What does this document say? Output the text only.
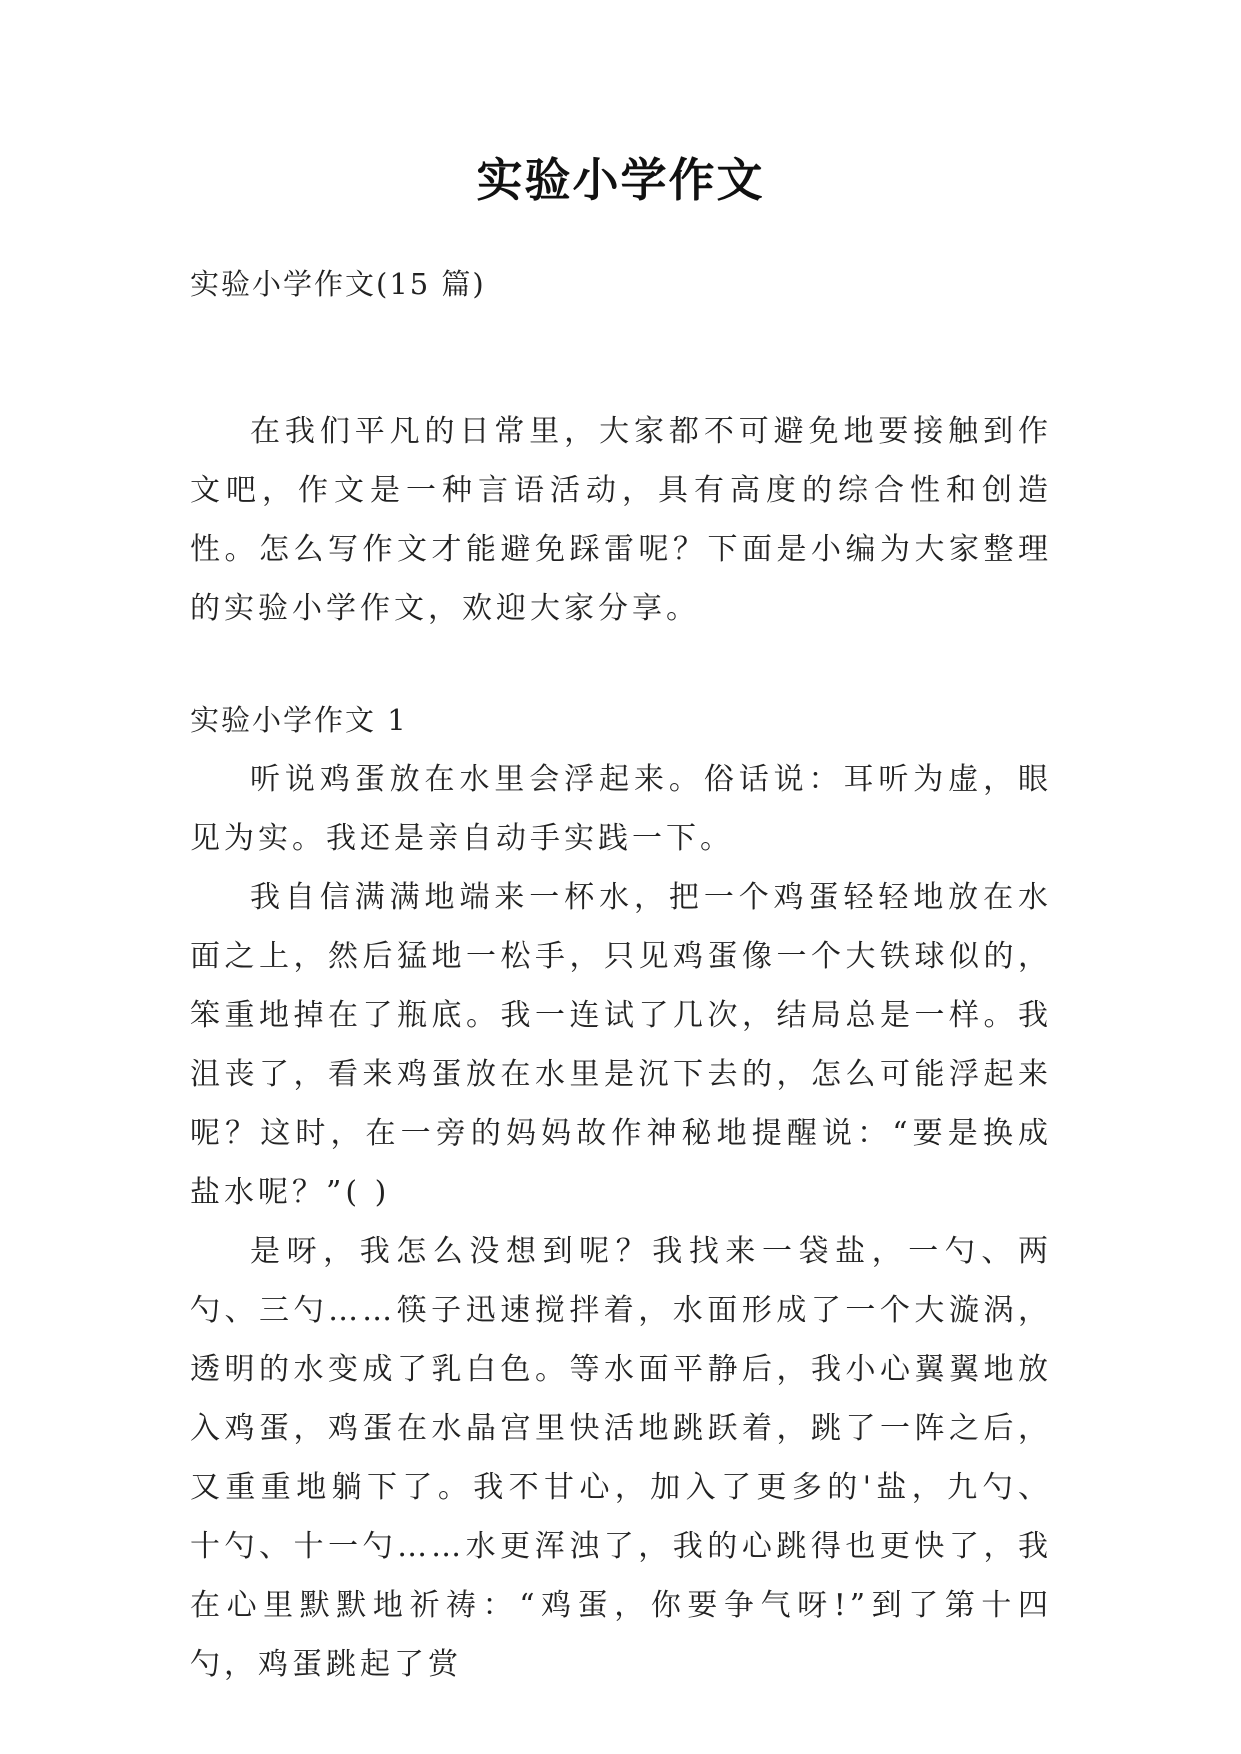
实验小学作文
实验小学作文(15 篇)

在我们平凡的日常里，大家都不可避免地要接触到作文吧，作文是一种言语活动，具有高度的综合性和创造性。怎么写作文才能避免踩雷呢？下面是小编为大家整理的实验小学作文，欢迎大家分享。

实验小学作文 1

听说鸡蛋放在水里会浮起来。俗话说：耳听为虚，眼见为实。我还是亲自动手实践一下。

我自信满满地端来一杯水，把一个鸡蛋轻轻地放在水面之上，然后猛地一松手，只见鸡蛋像一个大铁球似的，笨重地掉在了瓶底。我一连试了几次，结局总是一样。我沮丧了，看来鸡蛋放在水里是沉下去的，怎么可能浮起来呢？这时，在一旁的妈妈故作神秘地提醒说：“要是换成盐水呢？”( )

是呀，我怎么没想到呢？我找来一袋盐，一勺、两勺、三勺……筷子迅速搅拌着，水面形成了一个大漩涡，透明的水变成了乳白色。等水面平静后，我小心翼翼地放入鸡蛋，鸡蛋在水晶宫里快活地跳跃着，跳了一阵之后，又重重地躺下了。我不甘心，加入了更多的'盐，九勺、十勺、十一勺……水更浑浊了，我的心跳得也更快了，我在心里默默地祈祷：“鸡蛋，你要争气呀!”到了第十四勺，鸡蛋跳起了赏
